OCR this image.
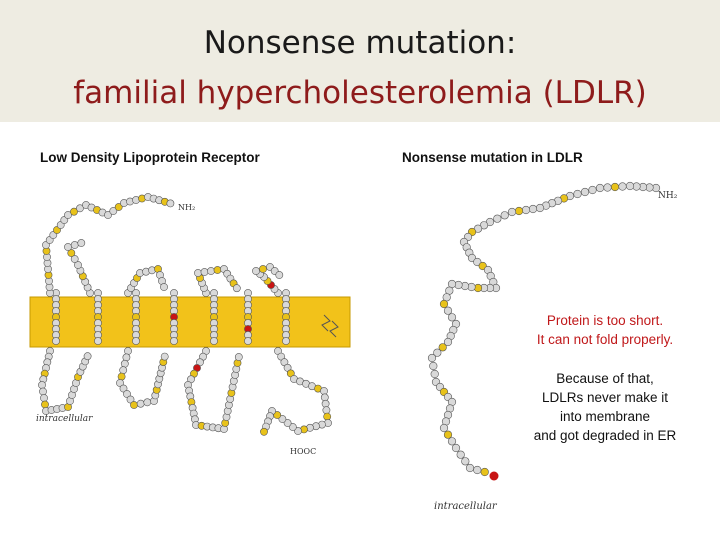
Nonsense mutation:
familial hypercholesterolemia (LDLR)
Low Density Lipoprotein Receptor	Nonsense mutation in LDLR
NH₂
intracellular
HOOC
NH₂
intracellular
Protein is too short.
It can not fold properly.
Because of that,
LDLRs never make it
into membrane
and got degraded in ER
